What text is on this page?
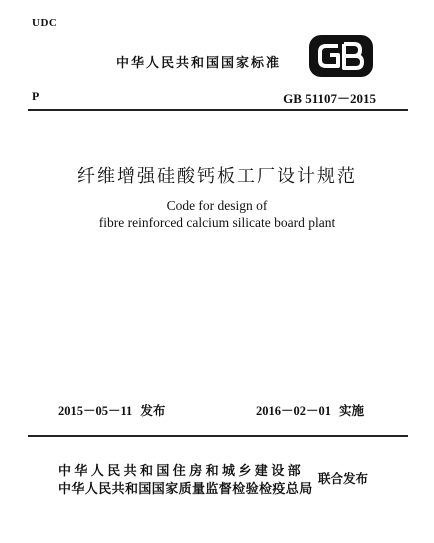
UDC
中华人民共和国国家标准
P	GB 51107－2015
纤维增强硅酸钙板工厂设计规范
Code for design of
fibre reinforced calcium silicate board plant
2015－05－11 发布	2016－02－01 实施
中华人民共和国住房和城乡建设部
中华人民共和国国家质量监督检验检疫总局
联合发布
